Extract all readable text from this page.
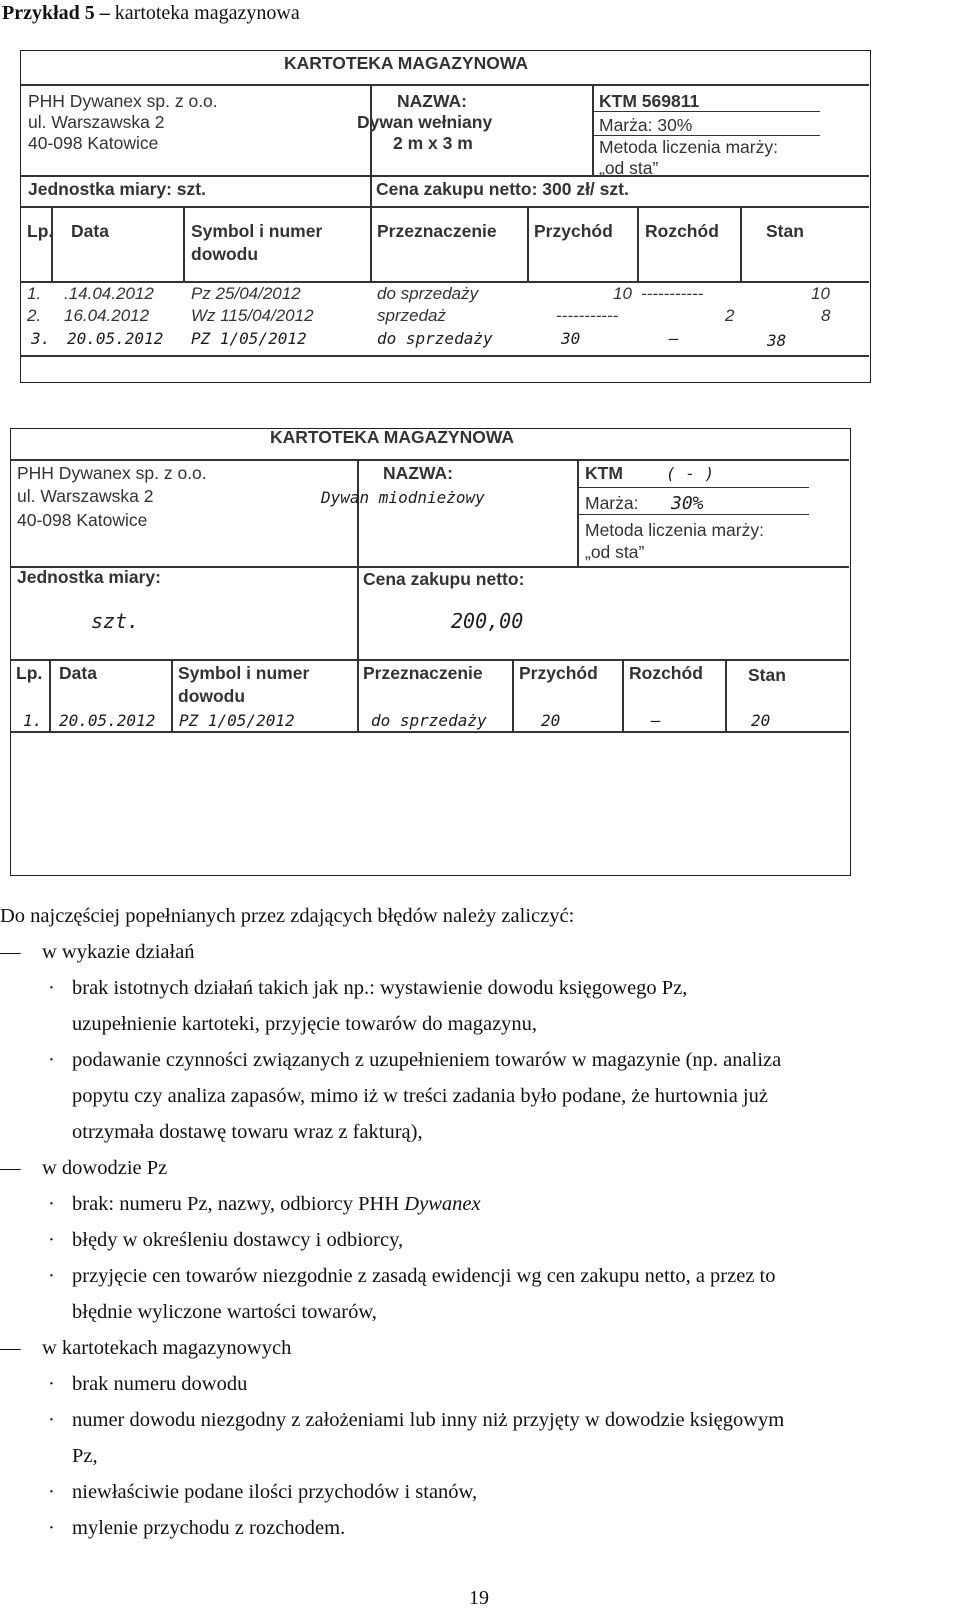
Przykład 5 – kartoteka magazynowa
KARTOTEKA MAGAZYNOWA
PHH Dywanex sp. z o.o.
ul. Warszawska 2
40-098 Katowice
NAZWA:
Dywan wełniany
2 m x 3 m
KTM 569811
Marża: 30%
Metoda liczenia marży:
„od sta”
Jednostka miary: szt.	Cena zakupu netto: 300 zł/ szt.
Lp. Data	Symbol i numer
dowodu
Przeznaczenie Przychód Rozchód	Stan
1. .14.04.2012 Pz 25/04/2012	do sprzedaży	10 -----------	10
2. 16.04.2012 Wz 115/04/2012	sprzedaż	-----------	2	8
3. 20.05.2012 PZ 1/05/2012	do sprzedaży	30	—	38
KARTOTEKA MAGAZYNOWA
PHH Dywanex sp. z o.o.
ul. Warszawska 2
40-098 Katowice
NAZWA:
Dywan miodnieżowy
KTM	( - )
Marża: 30%
Metoda liczenia marży:
„od sta”
Jednostka miary:
szt.
Cena zakupu netto:
200,00
Lp. Data	Symbol i numer
dowodu
Przeznaczenie Przychód Rozchód	Stan
1. 20.05.2012 PZ 1/05/2012	do sprzedaży	20	—	20
Do najczęściej popełnianych przez zdających błędów należy zaliczyć:
— w wykazie działań
· brak istotnych działań takich jak np.: wystawienie dowodu księgowego Pz,
uzupełnienie kartoteki, przyjęcie towarów do magazynu,
· podawanie czynności związanych z uzupełnieniem towarów w magazynie (np. analiza
popytu czy analiza zapasów, mimo iż w treści zadania było podane, że hurtownia już
otrzymała dostawę towaru wraz z fakturą),
— w dowodzie Pz
· brak: numeru Pz, nazwy, odbiorcy PHH Dywanex
· błędy w określeniu dostawcy i odbiorcy,
· przyjęcie cen towarów niezgodnie z zasadą ewidencji wg cen zakupu netto, a przez to
błędnie wyliczone wartości towarów,
— w kartotekach magazynowych
· brak numeru dowodu
· numer dowodu niezgodny z założeniami lub inny niż przyjęty w dowodzie księgowym
Pz,
· niewłaściwie podane ilości przychodów i stanów,
· mylenie przychodu z rozchodem.
19
